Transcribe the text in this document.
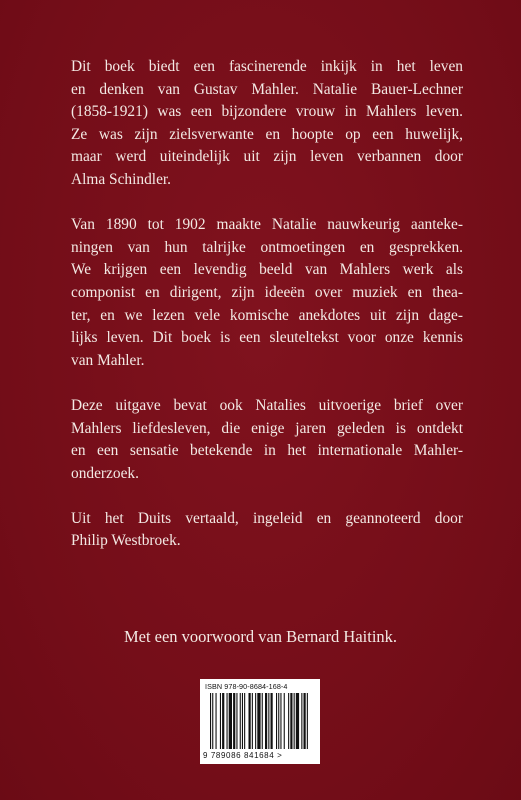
Dit boek biedt een fascinerende inkijk in het leven
en denken van Gustav Mahler. Natalie Bauer-Lechner
(1858-1921) was een bijzondere vrouw in Mahlers leven.
Ze was zijn zielsverwante en hoopte op een huwelijk,
maar werd uiteindelijk uit zijn leven verbannen door
Alma Schindler.

Van 1890 tot 1902 maakte Natalie nauwkeurig aanteke-
ningen van hun talrijke ontmoetingen en gesprekken.
We krijgen een levendig beeld van Mahlers werk als
componist en dirigent, zijn ideeën over muziek en thea-
ter, en we lezen vele komische anekdotes uit zijn dage-
lijks leven. Dit boek is een sleuteltekst voor onze kennis
van Mahler.

Deze uitgave bevat ook Natalies uitvoerige brief over
Mahlers liefdesleven, die enige jaren geleden is ontdekt
en een sensatie betekende in het internationale Mahler-
onderzoek.

Uit het Duits vertaald, ingeleid en geannoteerd door
Philip Westbroek.

Met een voorwoord van Bernard Haitink.
ISBN 978-90-8684-168-4
9 789086 841684 >
